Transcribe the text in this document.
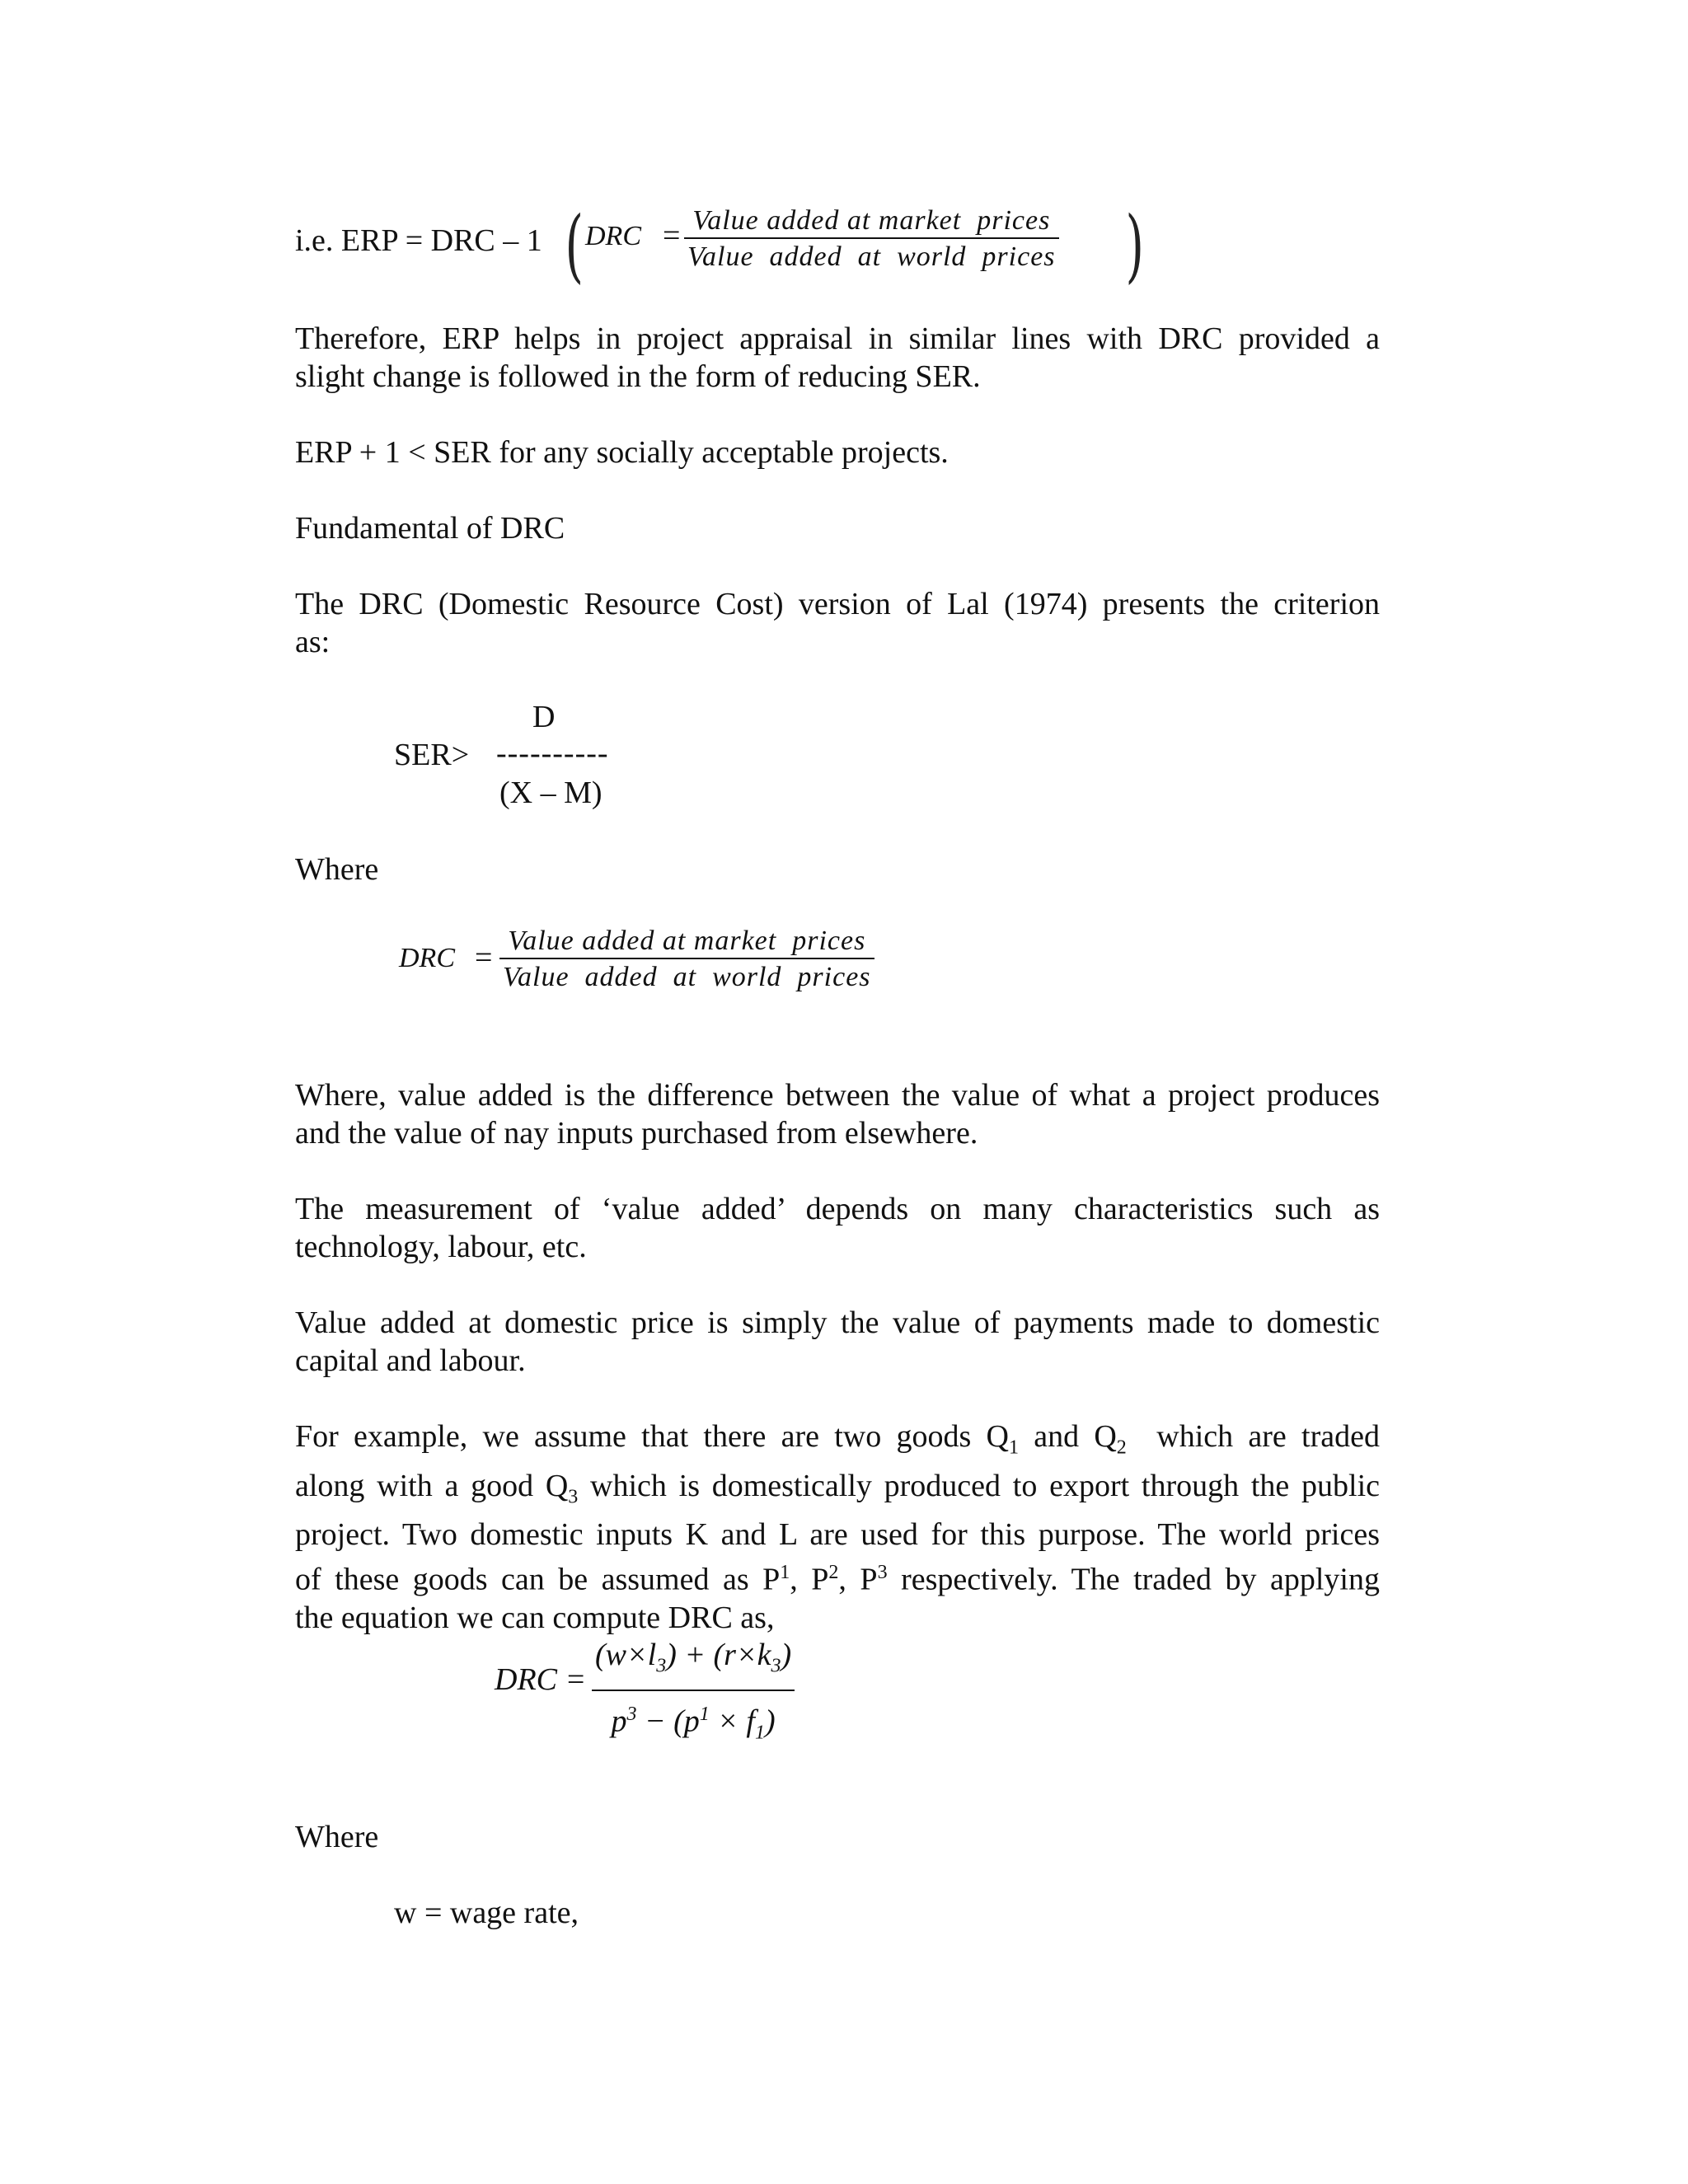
i.e. ERP = DRC – 1 ( DRC = Value added at market  prices
Value  added  at  world  prices )
Therefore, ERP helps in project appraisal in similar lines with DRC provided a
slight change is followed in the form of reducing SER.
ERP + 1 < SER for any socially acceptable projects.
Fundamental of DRC
The DRC (Domestic Resource Cost) version of Lal (1974) presents the criterion
as:
D
SER> ----------
(X – M)
Where
DRC = Value added at market  prices
Value  added  at  world  prices
Where, value added is the difference between the value of what a project produces
and the value of nay inputs purchased from elsewhere.
The measurement of ‘value added’ depends on many characteristics such as
technology, labour, etc.
Value added at domestic price is simply the value of payments made to domestic
capital and labour.
For example, we assume that there are two goods $Q_1$ and $Q_2$  which are traded
along with a good $Q_3$ which is domestically produced to export through the public
project. Two domestic inputs K and L are used for this purpose. The world prices
of these goods can be assumed as $P^1$, $P^2$, $P^3$ respectively. The traded by applying
the equation we can compute DRC as,
DRC = $\frac{(w\times l_3) + (r\times k_3)}{p^3 - (p^1 \times f_1)}$
Where
w = wage rate,
